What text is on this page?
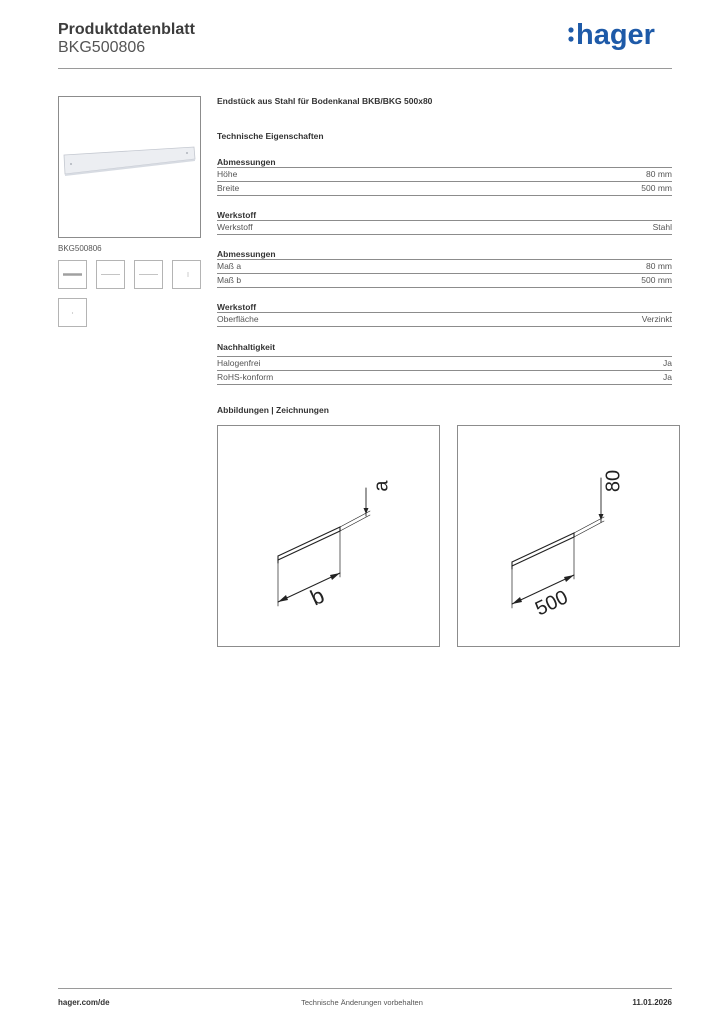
Produktdatenblatt
BKG500806	hager
BKG500806
Endstück aus Stahl für Bodenkanal BKB/BKG 500x80
Technische Eigenschaften
Abmessungen
Höhe	80 mm
Breite	500 mm
Werkstoff
Werkstoff	Stahl
Abmessungen
Maß a	80 mm
Maß b	500 mm
Werkstoff
Oberfläche	Verzinkt
Nachhaltigkeit
Halogenfrei	Ja
RoHS-konform	Ja
Abbildungen | Zeichnungen
a
b
80
500
hager.com/de	Technische Änderungen vorbehalten	11.01.2026
